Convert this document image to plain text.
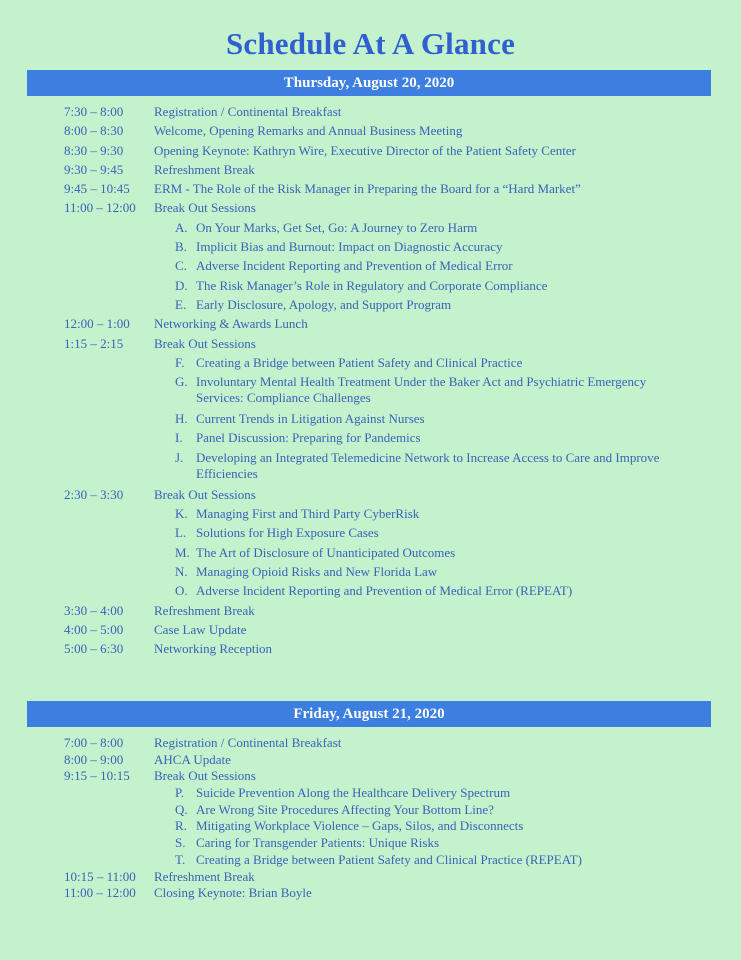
Schedule At A Glance
Thursday, August 20, 2020
7:30 – 8:00	Registration / Continental Breakfast
8:00 – 8:30	Welcome, Opening Remarks and Annual Business Meeting
8:30 – 9:30	Opening Keynote: Kathryn Wire, Executive Director of the Patient Safety Center
9:30 – 9:45	Refreshment Break
9:45 – 10:45	ERM - The Role of the Risk Manager in Preparing the Board for a “Hard Market”
11:00 – 12:00	Break Out Sessions
A. On Your Marks, Get Set, Go: A Journey to Zero Harm
B. Implicit Bias and Burnout: Impact on Diagnostic Accuracy
C. Adverse Incident Reporting and Prevention of Medical Error
D. The Risk Manager’s Role in Regulatory and Corporate Compliance
E. Early Disclosure, Apology, and Support Program
12:00 – 1:00	Networking & Awards Lunch
1:15 – 2:15	Break Out Sessions
F. Creating a Bridge between Patient Safety and Clinical Practice
G. Involuntary Mental Health Treatment Under the Baker Act and Psychiatric Emergency Services: Compliance Challenges
H. Current Trends in Litigation Against Nurses
I.	Panel Discussion: Preparing for Pandemics
J. Developing an Integrated Telemedicine Network to Increase Access to Care and Improve Efficiencies
2:30 – 3:30	Break Out Sessions
K. Managing First and Third Party CyberRisk
L. Solutions for High Exposure Cases
M. The Art of Disclosure of Unanticipated Outcomes
N. Managing Opioid Risks and New Florida Law
O. Adverse Incident Reporting and Prevention of Medical Error (REPEAT)
3:30 – 4:00	Refreshment Break
4:00 – 5:00	Case Law Update
5:00 – 6:30	Networking Reception
Friday, August 21, 2020
7:00 – 8:00	Registration / Continental Breakfast
8:00 – 9:00	AHCA Update
9:15 – 10:15	Break Out Sessions
P. Suicide Prevention Along the Healthcare Delivery Spectrum
Q. Are Wrong Site Procedures Affecting Your Bottom Line?
R. Mitigating Workplace Violence – Gaps, Silos, and Disconnects
S. Caring for Transgender Patients: Unique Risks
T. Creating a Bridge between Patient Safety and Clinical Practice (REPEAT)
10:15 – 11:00	Refreshment Break
11:00 – 12:00	Closing Keynote: Brian Boyle
